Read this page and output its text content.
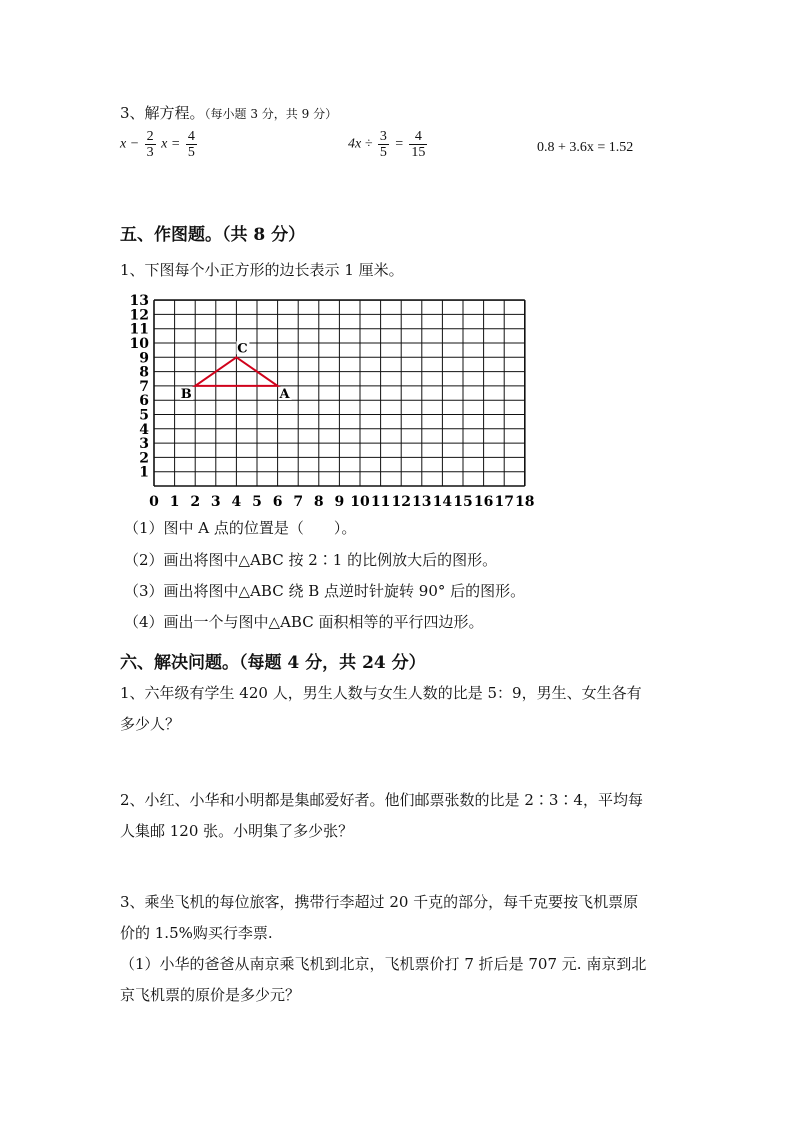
3、解方程。（每小题 3 分，共 9 分）
$x - \frac{2}{3}$ $x = \frac{4}{5}$	$4x \div \frac{3}{5} = \frac{4}{15}$	0.8 + 3.6x = 1.52
五、作图题。（共 8 分）
1、下图每个小正方形的边长表示 1 厘米。
0 1 2 3 4 5 6 7 8 9 10 11 12 13 14 15 16 17 18
1
2
3
4
5
6
7
8
9
10
11
12
13
A
B
C
（1）图中 A 点的位置是（　　）。
（2）画出将图中△ABC 按 2∶1 的比例放大后的图形。
（3）画出将图中△ABC 绕 B 点逆时针旋转 90° 后的图形。
（4）画出一个与图中△ABC 面积相等的平行四边形。
六、解决问题。（每题 4 分，共 24 分）
1、六年级有学生 420 人，男生人数与女生人数的比是 5：9，男生、女生各有
多少人？
2、小红、小华和小明都是集邮爱好者。他们邮票张数的比是 2∶3∶4，平均每
人集邮 120 张。小明集了多少张？
3、乘坐飞机的每位旅客，携带行李超过 20 千克的部分，每千克要按飞机票原
价的 1.5%购买行李票.
（1）小华的爸爸从南京乘飞机到北京，飞机票价打 7 折后是 707 元. 南京到北
京飞机票的原价是多少元？
